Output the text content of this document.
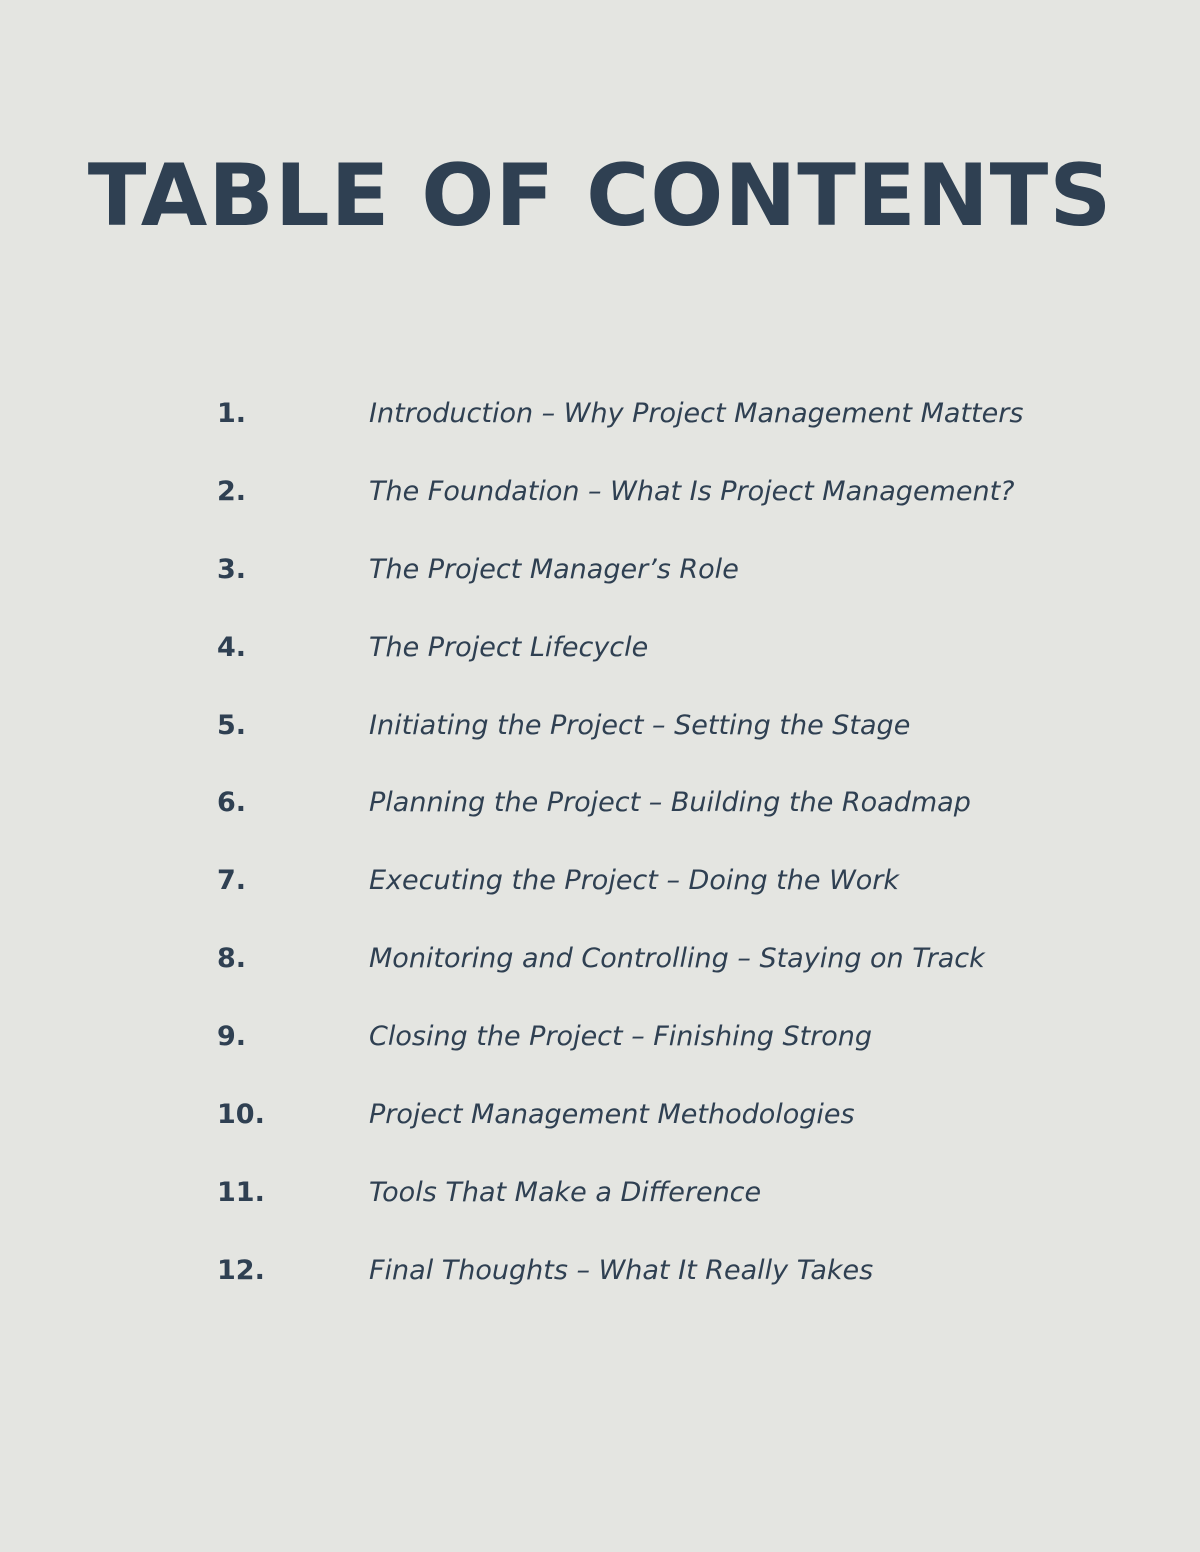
TABLE OF CONTENTS
1.	Introduction – Why Project Management Matters
2.	The Foundation – What Is Project Management?
3.	The Project Manager’s Role
4.	The Project Lifecycle
5.	Initiating the Project – Setting the Stage
6.	Planning the Project – Building the Roadmap
7.	Executing the Project – Doing the Work
8.	Monitoring and Controlling – Staying on Track
9.	Closing the Project – Finishing Strong
10.	Project Management Methodologies
11.	Tools That Make a Difference
12.	Final Thoughts – What It Really Takes
